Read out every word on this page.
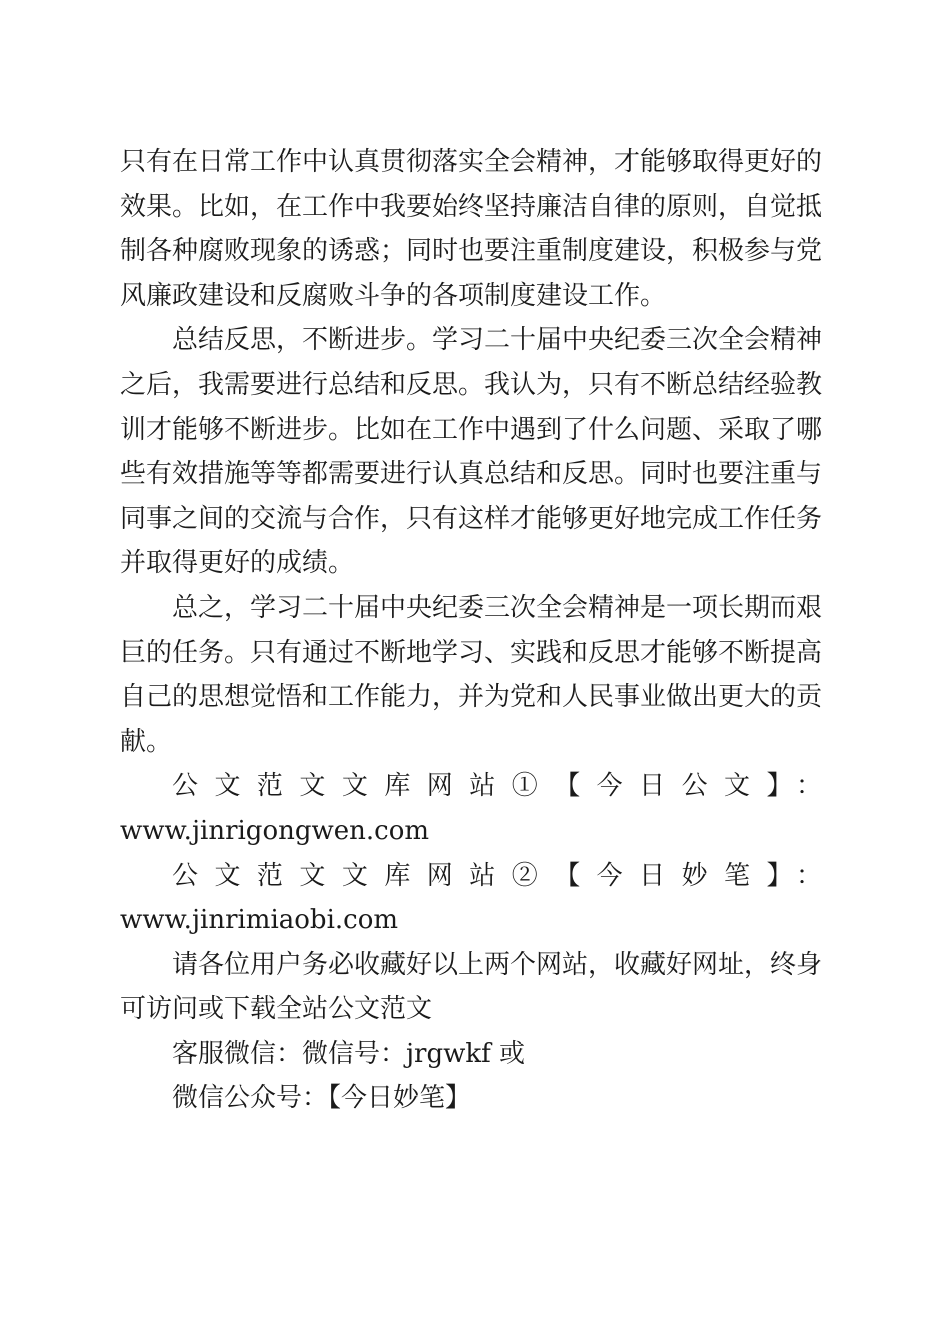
只有在日常工作中认真贯彻落实全会精神，才能够取得更好的效果。比如，在工作中我要始终坚持廉洁自律的原则，自觉抵制各种腐败现象的诱惑；同时也要注重制度建设，积极参与党风廉政建设和反腐败斗争的各项制度建设工作。

总结反思，不断进步。学习二十届中央纪委三次全会精神之后，我需要进行总结和反思。我认为，只有不断总结经验教训才能够不断进步。比如在工作中遇到了什么问题、采取了哪些有效措施等等都需要进行认真总结和反思。同时也要注重与同事之间的交流与合作，只有这样才能够更好地完成工作任务并取得更好的成绩。

总之，学习二十届中央纪委三次全会精神是一项长期而艰巨的任务。只有通过不断地学习、实践和反思才能够不断提高自己的思想觉悟和工作能力，并为党和人民事业做出更大的贡献。

公文范文文库网站①【今日公文】：

www.jinrigongwen.com

公文范文文库网站②【今日妙笔】：www.jinrimiaobi.com

请各位用户务必收藏好以上两个网站，收藏好网址，终身可访问或下载全站公文范文

客服微信：微信号：jrgwkf 或

微信公众号：【今日妙笔】
